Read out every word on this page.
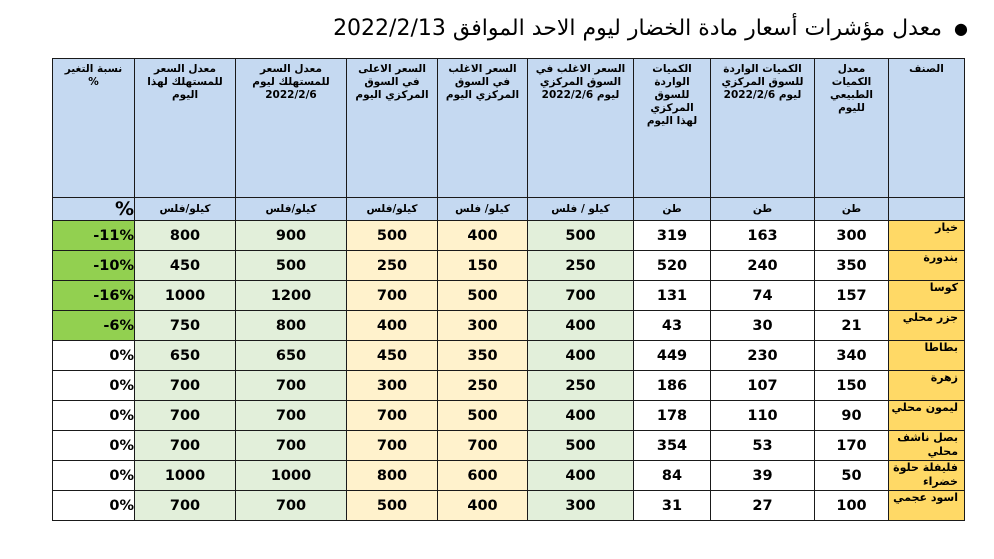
●
معدل مؤشرات أسعار مادة الخضار ليوم الاحد الموافق 2022/2/13
الصنف	معدل الكميات الطبيعي لليوم	الكميات الواردة للسوق المركزي ليوم 2022/2/6	الكميات الواردة للسوق المركزي لهذا اليوم	السعر الاغلب في السوق المركزي ليوم 2022/2/6	السعر الاغلب في السوق المركزي اليوم	السعر الاعلى في السوق المركزي اليوم	معدل السعر للمستهلك ليوم 2022/2/6	معدل السعر للمستهلك لهذا اليوم	نسبة التغير %

	طن	طن	طن	كيلو / فلس	كيلو/ فلس	كيلو/فلس	كيلو/فلس	كيلو/فلس	%
خيار	300	163	319	500	400	500	900	800	-11%
بندورة	350	240	520	250	150	250	500	450	-10%
كوسا	157	74	131	700	500	700	1200	1000	-16%
جزر محلي	21	30	43	400	300	400	800	750	-6%
بطاطا	340	230	449	400	350	450	650	650	0%
زهرة	150	107	186	250	250	300	700	700	0%
ليمون محلي	90	110	178	400	500	700	700	700	0%
بصل ناشف محلي	170	53	354	500	700	700	700	700	0%
فليفلة حلوة خضراء	50	39	84	400	600	800	1000	1000	0%
اسود عجمي	100	27	31	300	400	500	700	700	0%
